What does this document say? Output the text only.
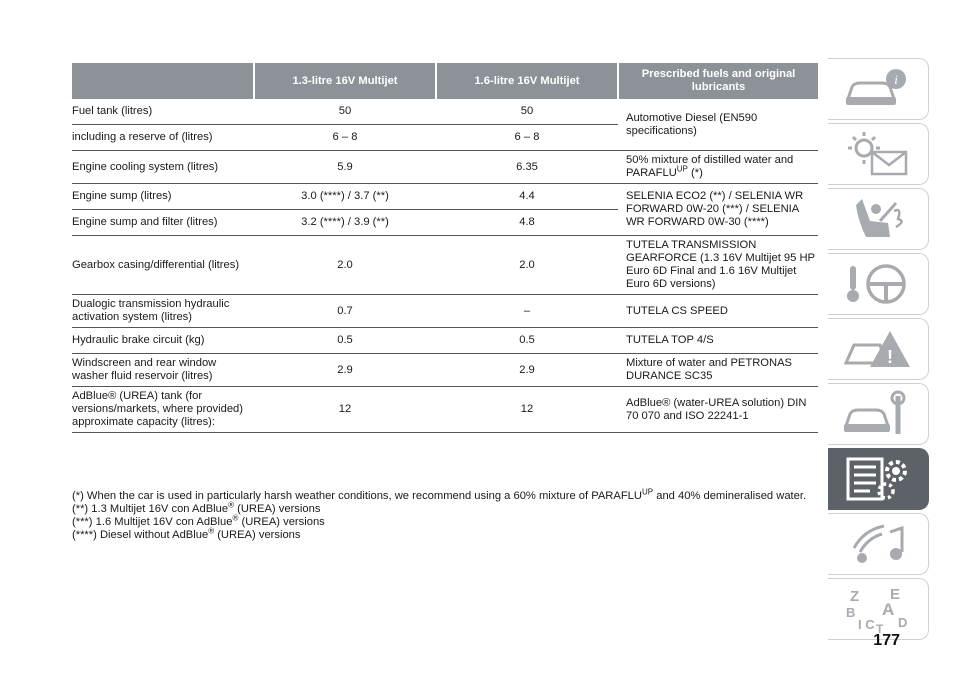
	1.3-litre 16V Multijet	1.6-litre 16V Multijet	Prescribed fuels and original lubricants
Fuel tank (litres)	50	50	Automotive Diesel (EN590 specifications)
including a reserve of (litres)	6 – 8	6 – 8	
Engine cooling system (litres)	5.9	6.35	50% mixture of distilled water and $PARAFLU^{UP}$ (*)
Engine sump (litres)	3.0 (****) / 3.7 (**)	4.4	SELENIA ECO2 (**) / SELENIA WR FORWARD 0W-20 (***) / SELENIA WR FORWARD 0W-30 (****)
Engine sump and filter (litres)	3.2 (****) / 3.9 (**)	4.8	
Gearbox casing/differential (litres)	2.0	2.0	TUTELA TRANSMISSION GEARFORCE (1.3 16V Multijet 95 HP Euro 6D Final and 1.6 16V Multijet Euro 6D versions)
Dualogic transmission hydraulic activation system (litres)	0.7	–	TUTELA CS SPEED
Hydraulic brake circuit (kg)	0.5	0.5	TUTELA TOP 4/S
Windscreen and rear window washer fluid reservoir (litres)	2.9	2.9	Mixture of water and PETRONAS DURANCE SC35
AdBlue® (UREA) tank (for versions/markets, where provided) approximate capacity (litres):	12	12	AdBlue® (water-UREA solution) DIN 70 070 and ISO 22241-1

(*) When the car is used in particularly harsh weather conditions, we recommend using a 60% mixture of $PARAFLU^{UP}$ and 40% demineralised water.

(**) 1.3 Multijet 16V con AdBlue® (UREA) versions

(***) 1.6 Multijet 16V con AdBlue® (UREA) versions

(****) Diesel without AdBlue® (UREA) versions

i
!
Z E
B A
I C D
T
177
